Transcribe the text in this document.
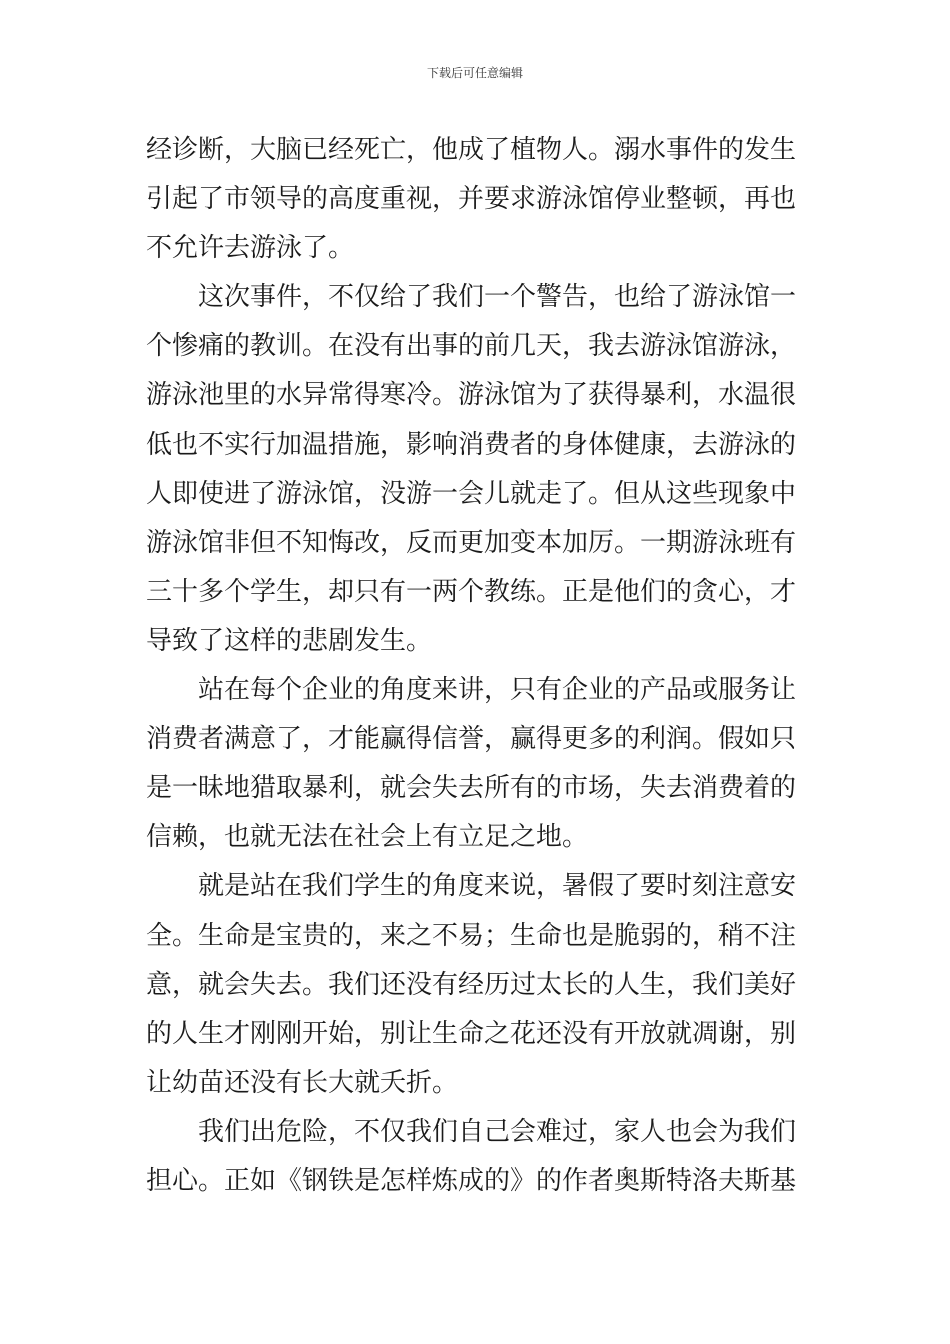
下载后可任意编辑
经诊断，大脑已经死亡，他成了植物人。溺水事件的发生
引起了市领导的高度重视，并要求游泳馆停业整顿，再也
不允许去游泳了。
这次事件，不仅给了我们一个警告，也给了游泳馆一
个惨痛的教训。在没有出事的前几天，我去游泳馆游泳，
游泳池里的水异常得寒冷。游泳馆为了获得暴利，水温很
低也不实行加温措施，影响消费者的身体健康，去游泳的
人即使进了游泳馆，没游一会儿就走了。但从这些现象中
游泳馆非但不知悔改，反而更加变本加厉。一期游泳班有
三十多个学生，却只有一两个教练。正是他们的贪心，才
导致了这样的悲剧发生。
站在每个企业的角度来讲，只有企业的产品或服务让
消费者满意了，才能赢得信誉，赢得更多的利润。假如只
是一昧地猎取暴利，就会失去所有的市场，失去消费着的
信赖，也就无法在社会上有立足之地。
就是站在我们学生的角度来说，暑假了要时刻注意安
全。生命是宝贵的，来之不易；生命也是脆弱的，稍不注
意，就会失去。我们还没有经历过太长的人生，我们美好
的人生才刚刚开始，别让生命之花还没有开放就凋谢，别
让幼苗还没有长大就夭折。
我们出危险，不仅我们自己会难过，家人也会为我们
担心。正如《钢铁是怎样炼成的》的作者奥斯特洛夫斯基
